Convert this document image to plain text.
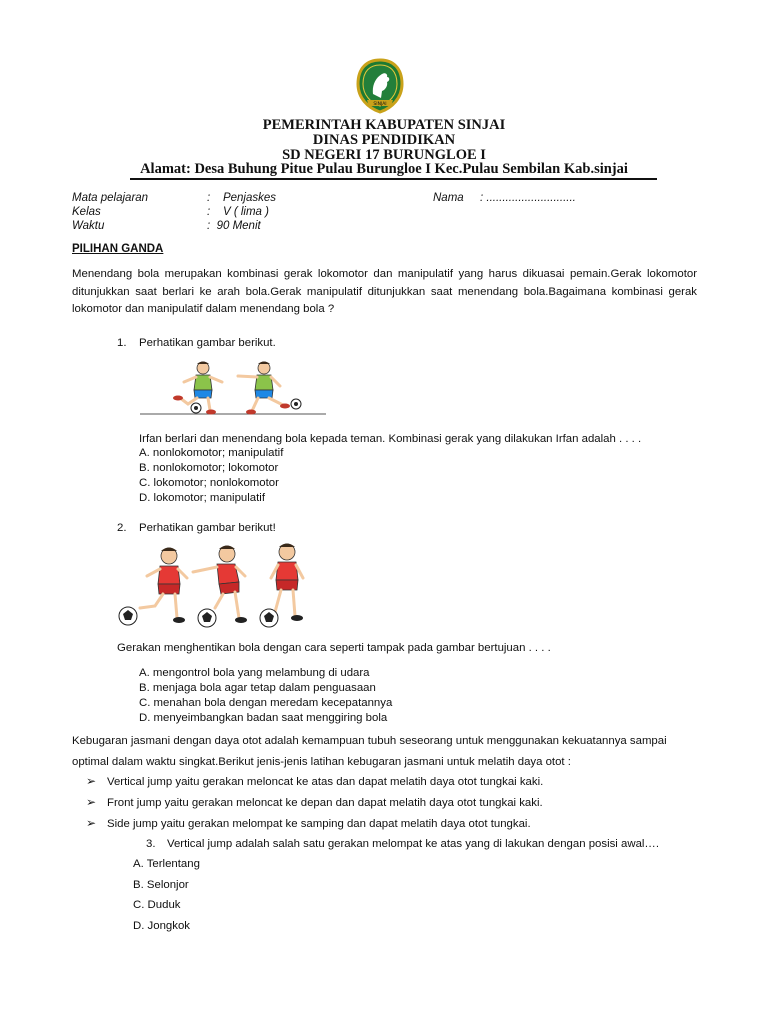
SINJAI
PEMERINTAH KABUPATEN SINJAI
DINAS PENDIDIKAN
SD NEGERI 17 BURUNGLOE I
Alamat: Desa Buhung Pitue Pulau Burungloe I Kec.Pulau Sembilan Kab.sinjai
Mata pelajaran	:    Penjaskes
Kelas	:    V ( lima )
Waktu	:  90 Menit
Nama : ............................
PILIHAN GANDA
Menendang bola merupakan kombinasi gerak lokomotor dan manipulatif yang harus dikuasai pemain.Gerak lokomotor
ditunjukkan saat berlari ke arah bola.Gerak manipulatif ditunjukkan saat menendang bola.Bagaimana kombinasi gerak
lokomotor dan manipulatif dalam menendang bola ?
1. Perhatikan gambar berikut.
Irfan berlari dan menendang bola kepada teman. Kombinasi gerak yang dilakukan Irfan adalah . . . .
A. nonlokomotor; manipulatif
B. nonlokomotor; lokomotor
C. lokomotor; nonlokomotor
D. lokomotor; manipulatif
2. Perhatikan gambar berikut!
Gerakan menghentikan bola dengan cara seperti tampak pada gambar bertujuan . . . .
A. mengontrol bola yang melambung di udara
B. menjaga bola agar tetap dalam penguasaan
C. menahan bola dengan meredam kecepatannya
D. menyeimbangkan badan saat menggiring bola
Kebugaran jasmani dengan daya otot adalah kemampuan tubuh seseorang untuk menggunakan kekuatannya sampai
optimal dalam waktu singkat.Berikut jenis-jenis latihan kebugaran jasmani untuk melatih daya otot :
➢ Vertical jump yaitu gerakan meloncat ke atas dan dapat melatih daya otot tungkai kaki.
➢ Front jump yaitu gerakan meloncat ke depan dan dapat melatih daya otot tungkai kaki.
➢ Side jump yaitu gerakan melompat ke samping dan dapat melatih daya otot tungkai.
3. Vertical jump adalah salah satu gerakan melompat ke atas yang di lakukan dengan posisi awal….
A. Terlentang
B. Selonjor
C. Duduk
D. Jongkok
